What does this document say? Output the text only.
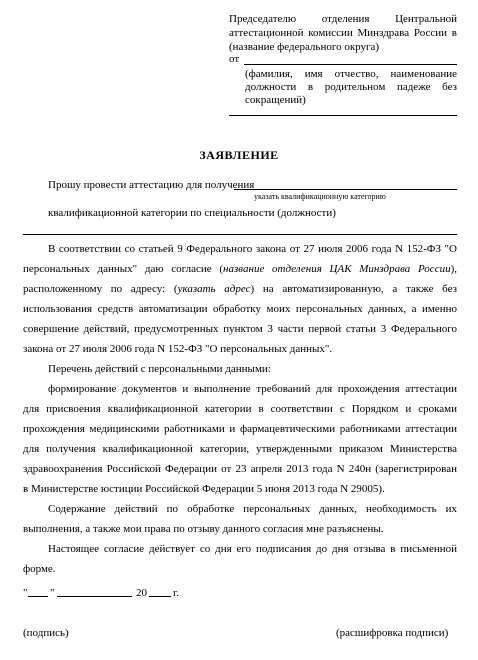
Председателю отделения Центральной
аттестационной комиссии Минздрава России в
(название федерального округа)
от
(фамилия, имя отчество, наименование
должности в родительном падеже без
сокращений)
ЗАЯВЛЕНИЕ
Прошу провести аттестацию для получения
указать квалификационную категорию
квалификационной категории по специальности (должности)
В соответствии со статьей 9 Федерального закона от 27 июля 2006 года N 152-ФЗ "О
персональных данных" даю согласие (название отделения ЦАК Минздрава России),
расположенному по адресу: (указать адрес) на автоматизированную, а также без
использования средств автоматизации обработку моих персональных данных, а именно
совершение действий, предусмотренных пунктом 3 части первой статьи 3 Федерального
закона от 27 июля 2006 года N 152-ФЗ "О персональных данных".
Перечень действий с персональными данными:
формирование документов и выполнение требований для прохождения аттестации
для присвоения квалификационной категории в соответствии с Порядком и сроками
прохождения медицинскими работниками и фармацевтическими работниками аттестации
для получения квалификационной категории, утвержденными приказом Министерства
здравоохранения Российской Федерации от 23 апреля 2013 года N 240н (зарегистрирован
в Министерстве юстиции Российской Федерации 5 июня 2013 года N 29005).
Содержание действий по обработке персональных данных, необходимость их
выполнения, а также мои права по отзыву данного согласия мне разъяснены.
Настоящее согласие действует со дня его подписания до дня отзыва в письменной
форме.
" "	20 г.
(подпись)	(расшифровка подписи)
